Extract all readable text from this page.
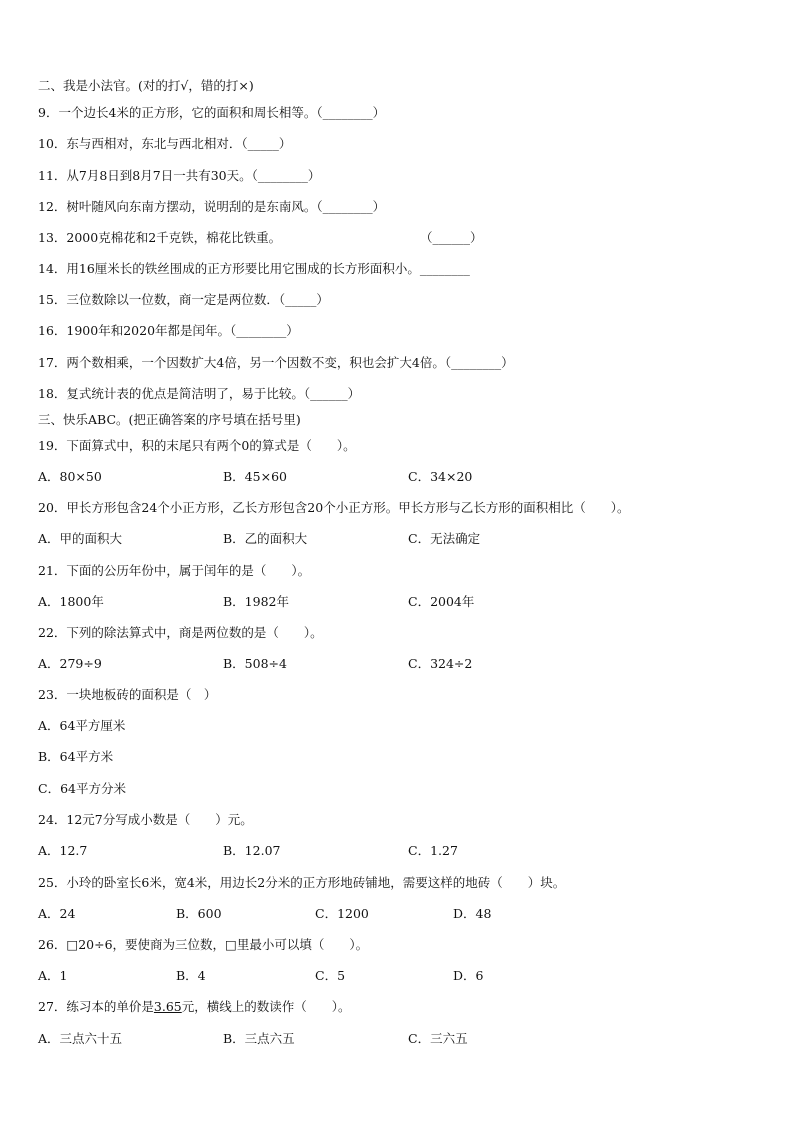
二、我是小法官。(对的打√，错的打×)
9．一个边长4米的正方形，它的面积和周长相等。（________）
10．东与西相对，东北与西北相对．（_____）
11．从7月8日到8月7日一共有30天。（________）
12．树叶随风向东南方摆动，说明刮的是东南风。（________）
13．2000克棉花和2千克铁，棉花比铁重。	（______）
14．用16厘米长的铁丝围成的正方形要比用它围成的长方形面积小。________
15．三位数除以一位数，商一定是两位数．（_____）
16．1900年和2020年都是闰年。（________）
17．两个数相乘，一个因数扩大4倍，另一个因数不变，积也会扩大4倍。（________）
18．复式统计表的优点是简洁明了，易于比较。（______）
三、快乐ABC。(把正确答案的序号填在括号里)
19．下面算式中，积的末尾只有两个0的算式是（　　）。
A．80×50	B．45×60	C．34×20
20．甲长方形包含24个小正方形，乙长方形包含20个小正方形。甲长方形与乙长方形的面积相比（　　）。
A．甲的面积大	B．乙的面积大	C．无法确定
21．下面的公历年份中，属于闰年的是（　　）。
A．1800年	B．1982年	C．2004年
22．下列的除法算式中，商是两位数的是（　　）。
A．279÷9	B．508÷4	C．324÷2
23．一块地板砖的面积是（　）
A．64平方厘米
B．64平方米
C．64平方分米
24．12元7分写成小数是（　　）元。
A．12.7	B．12.07	C．1.27
25．小玲的卧室长6米，宽4米，用边长2分米的正方形地砖铺地，需要这样的地砖（　　）块。
A．24	B．600	C．1200	D．48
26．□20÷6，要使商为三位数，□里最小可以填（　　）。
A．1	B．4	C．5	D．6
27．练习本的单价是3.65元，横线上的数读作（　　）。
A．三点六十五	B．三点六五	C．三六五
